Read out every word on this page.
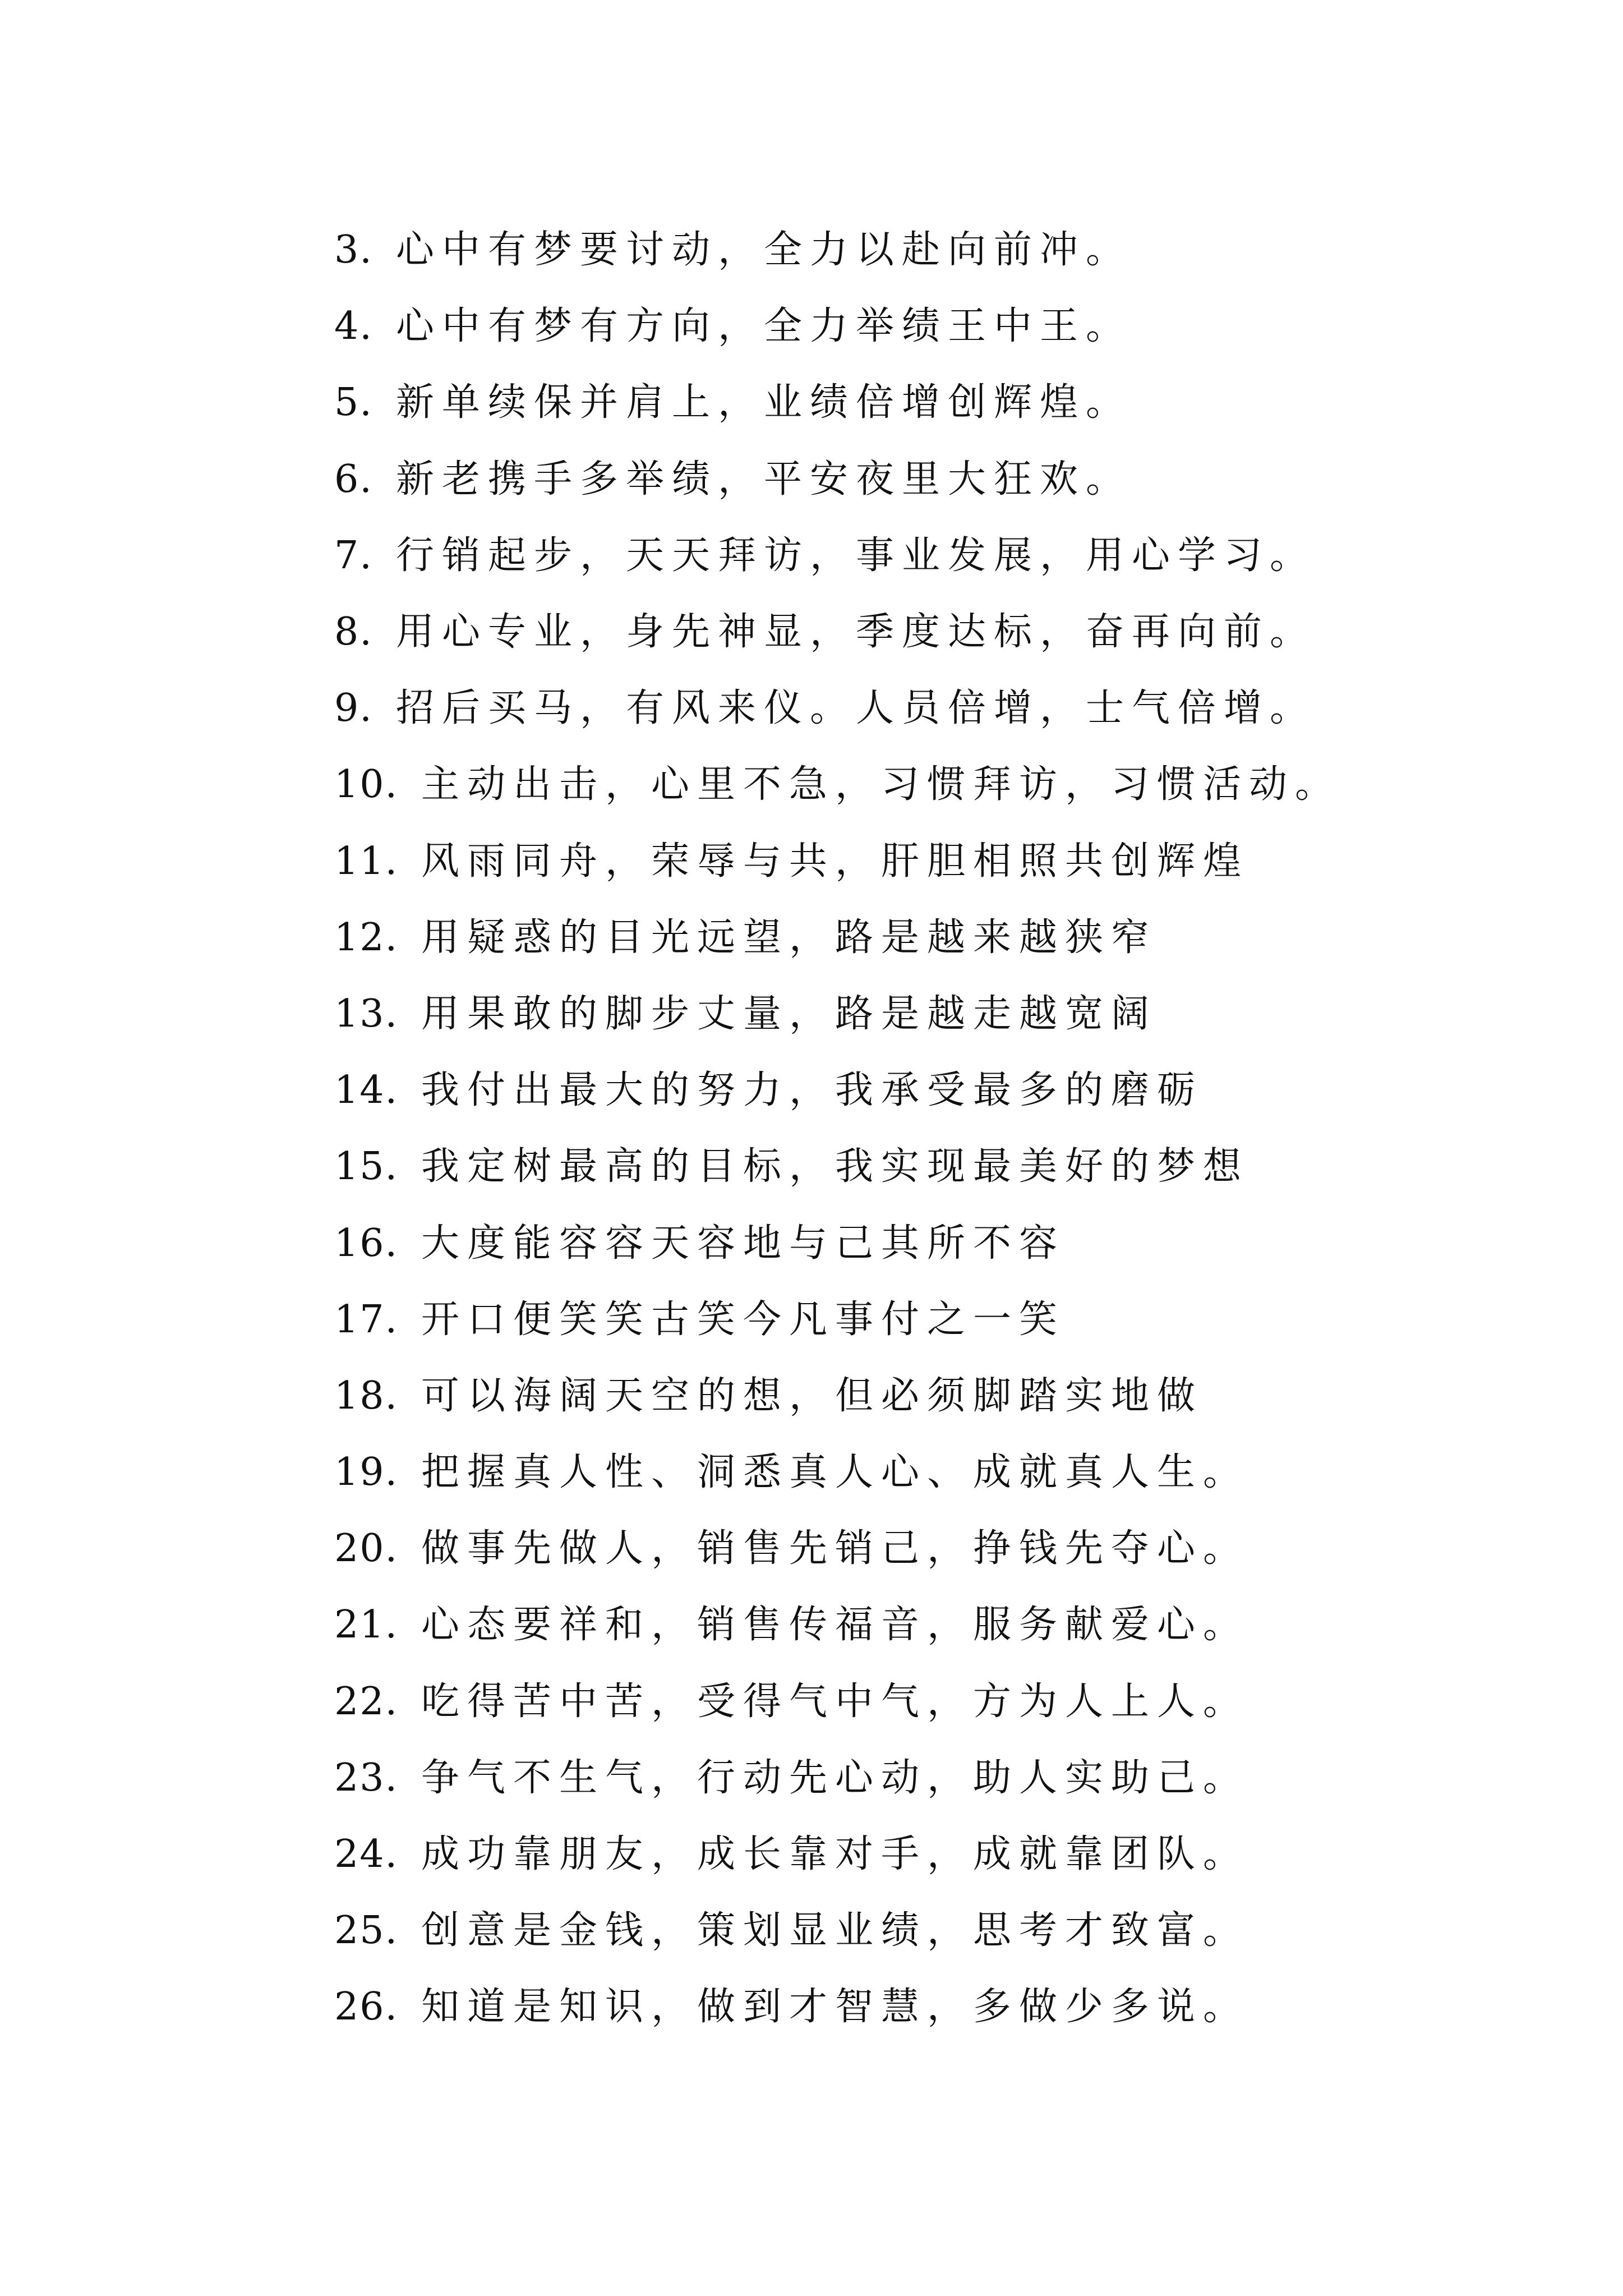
3. 心中有梦要讨动，全力以赴向前冲。
4. 心中有梦有方向，全力举绩王中王。
5. 新单续保并肩上，业绩倍增创辉煌。
6. 新老携手多举绩，平安夜里大狂欢。
7. 行销起步，天天拜访，事业发展，用心学习。
8. 用心专业，身先神显，季度达标，奋再向前。
9. 招后买马，有风来仪。人员倍增，士气倍增。
10. 主动出击，心里不急，习惯拜访，习惯活动。
11. 风雨同舟，荣辱与共，肝胆相照共创辉煌
12. 用疑惑的目光远望，路是越来越狭窄
13. 用果敢的脚步丈量，路是越走越宽阔
14. 我付出最大的努力，我承受最多的磨砺
15. 我定树最高的目标，我实现最美好的梦想
16. 大度能容容天容地与己其所不容
17. 开口便笑笑古笑今凡事付之一笑
18. 可以海阔天空的想，但必须脚踏实地做
19. 把握真人性、洞悉真人心、成就真人生。
20. 做事先做人，销售先销己，挣钱先夺心。
21. 心态要祥和，销售传福音，服务献爱心。
22. 吃得苦中苦，受得气中气，方为人上人。
23. 争气不生气，行动先心动，助人实助己。
24. 成功靠朋友，成长靠对手，成就靠团队。
25. 创意是金钱，策划显业绩，思考才致富。
26. 知道是知识，做到才智慧，多做少多说。
